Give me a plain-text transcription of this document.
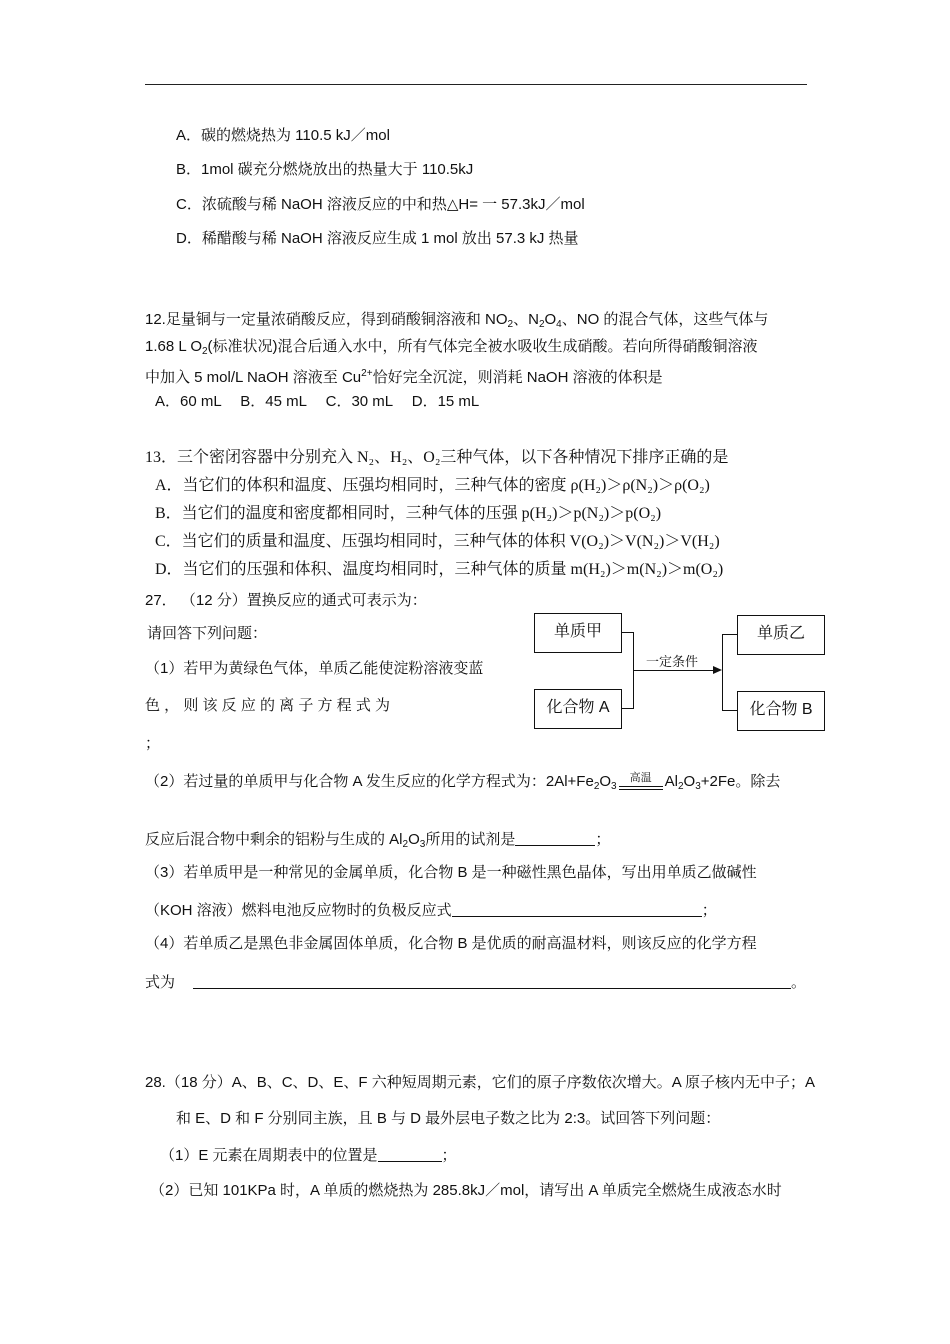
A．碳的燃烧热为 110.5 kJ／mol
B．1mol 碳充分燃烧放出的热量大于 110.5kJ
C．浓硫酸与稀 NaOH 溶液反应的中和热△H= 一 57.3kJ／mol
D．稀醋酸与稀 NaOH 溶液反应生成 1 mol 放出 57.3 kJ 热量
12.足量铜与一定量浓硝酸反应，得到硝酸铜溶液和 $NO_2$、$N_2O_4$、NO 的混合气体，这些气体与
1.68 L $O_2$(标准状况)混合后通入水中，所有气体完全被水吸收生成硝酸。若向所得硝酸铜溶液
中加入 5 mol/L NaOH 溶液至 $Cu^{2+}$恰好完全沉淀，则消耗 NaOH 溶液的体积是
A．60 mL　 B．45 mL　 C．30 mL　 D．15 mL
13．三个密闭容器中分别充入 N₂、H₂、O₂三种气体，以下各种情况下排序正确的是
A．当它们的体积和温度、压强均相同时，三种气体的密度 ρ(H₂)＞ρ(N₂)＞ρ(O₂)
B．当它们的温度和密度都相同时，三种气体的压强 p(H₂)＞p(N₂)＞p(O₂)
C．当它们的质量和温度、压强均相同时，三种气体的体积 V(O₂)＞V(N₂)＞V(H₂)
D．当它们的压强和体积、温度均相同时，三种气体的质量 m(H₂)＞m(N₂)＞m(O₂)
27． （12 分）置换反应的通式可表示为：
请回答下列问题：
（1）若甲为黄绿色气体，单质乙能使淀粉溶液变蓝
色 ， 则 该 反 应 的 离 子 方 程 式 为
；
单质甲
化合物 A
单质乙
化合物 B
一定条件
（2）若过量的单质甲与化合物 A 发生反应的化学方程式为：$2Al+Fe_2O_3$
高温 $Al_2O_3+2Fe$。除去
反应后混合物中剩余的铝粉与生成的 $Al_2O_3$所用的试剂是	；
（3）若单质甲是一种常见的金属单质，化合物 B 是一种磁性黑色晶体，写出用单质乙做碱性
（KOH 溶液）燃料电池反应物时的负极反应式	；
（4）若单质乙是黑色非金属固体单质，化合物 B 是优质的耐高温材料，则该反应的化学方程
式为	。
28.（18 分）A、B、C、D、E、F 六种短周期元素，它们的原子序数依次增大。A 原子核内无中子；A
和 E、D 和 F 分别同主族，且 B 与 D 最外层电子数之比为 2:3。试回答下列问题：
（1）E 元素在周期表中的位置是	；
（2）已知 101KPa 时，A 单质的燃烧热为 285.8kJ／mol，请写出 A 单质完全燃烧生成液态水时
